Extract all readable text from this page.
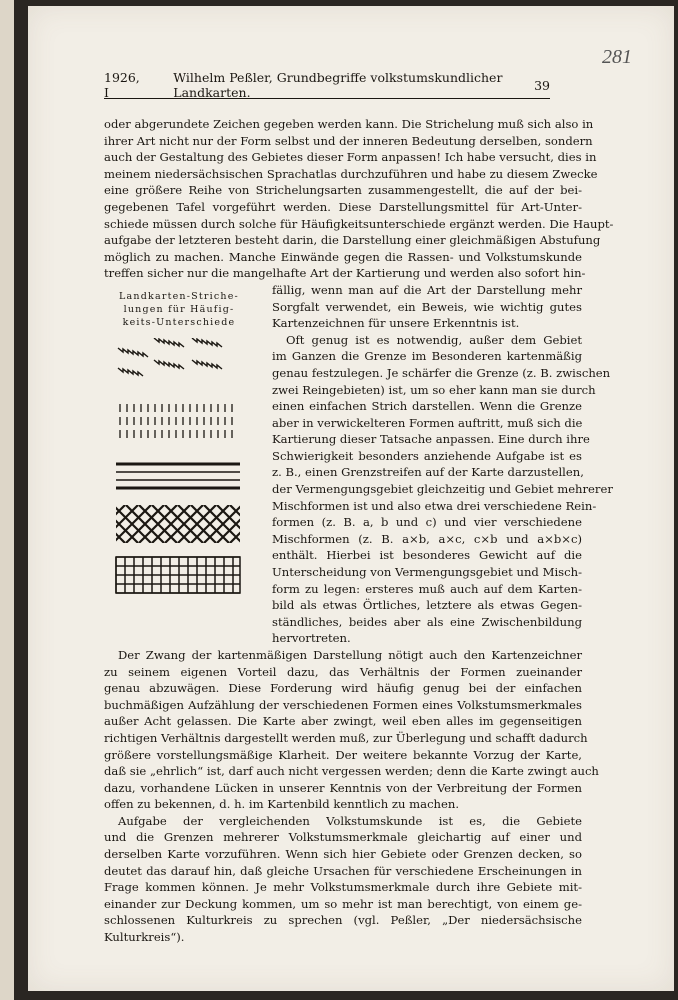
281
1926, I
Wilhelm Peßler, Grundbegriffe volkstumskundlicher Landkarten.	39
oder abgerundete Zeichen gegeben werden kann. Die Strichelung muß sich also in
ihrer Art nicht nur der Form selbst und der inneren Bedeutung derselben, sondern
auch der Gestaltung des Gebietes dieser Form anpassen! Ich habe versucht, dies in
meinem niedersächsischen Sprachatlas durchzuführen und habe zu diesem Zwecke
eine größere Reihe von Strichelungsarten zusammengestellt, die auf der bei-
gegebenen Tafel vorgeführt werden. Diese Darstellungsmittel für Art-Unter-
schiede müssen durch solche für Häufigkeitsunterschiede ergänzt werden. Die Haupt-
aufgabe der letzteren besteht darin, die Darstellung einer gleichmäßigen Abstufung
möglich zu machen. Manche Einwände gegen die Rassen- und Volkstumskunde
treffen sicher nur die mangelhafte Art der Kartierung und werden also sofort hin-
Landkarten-Striche-
lungen für Häufig-
keits-Unterschiede
fällig, wenn man auf die Art der Darstellung mehr
Sorgfalt verwendet, ein Beweis, wie wichtig gutes
Kartenzeichnen für unsere Erkenntnis ist.
Oft genug ist es notwendig, außer dem Gebiet
im Ganzen die Grenze im Besonderen kartenmäßig
genau festzulegen. Je schärfer die Grenze (z. B. zwischen
zwei Reingebieten) ist, um so eher kann man sie durch
einen einfachen Strich darstellen. Wenn die Grenze
aber in verwickelteren Formen auftritt, muß sich die
Kartierung dieser Tatsache anpassen. Eine durch ihre
Schwierigkeit besonders anziehende Aufgabe ist es
z. B., einen Grenzstreifen auf der Karte darzustellen,
der Vermengungsgebiet gleichzeitig und Gebiet mehrerer
Mischformen ist und also etwa drei verschiedene Rein-
formen (z. B. a, b und c) und vier verschiedene
Mischformen (z. B. a×b, a×c, c×b und a×b×c)
enthält. Hierbei ist besonderes Gewicht auf die
Unterscheidung von Vermengungsgebiet und Misch-
form zu legen: ersteres muß auch auf dem Karten-
bild als etwas Örtliches, letztere als etwas Gegen-
ständliches, beides aber als eine Zwischenbildung
hervortreten.
Der Zwang der kartenmäßigen Darstellung nötigt auch den Kartenzeichner
zu seinem eigenen Vorteil dazu, das Verhältnis der Formen zueinander
genau abzuwägen. Diese Forderung wird häufig genug bei der einfachen
buchmäßigen Aufzählung der verschiedenen Formen eines Volkstumsmerkmales
außer Acht gelassen. Die Karte aber zwingt, weil eben alles im gegenseitigen
richtigen Verhältnis dargestellt werden muß, zur Überlegung und schafft dadurch
größere vorstellungsmäßige Klarheit. Der weitere bekannte Vorzug der Karte,
daß sie „ehrlich“ ist, darf auch nicht vergessen werden; denn die Karte zwingt auch
dazu, vorhandene Lücken in unserer Kenntnis von der Verbreitung der Formen
offen zu bekennen, d. h. im Kartenbild kenntlich zu machen.
Aufgabe der vergleichenden Volkstumskunde ist es, die Gebiete
und die Grenzen mehrerer Volkstumsmerkmale gleichartig auf einer und
derselben Karte vorzuführen. Wenn sich hier Gebiete oder Grenzen decken, so
deutet das darauf hin, daß gleiche Ursachen für verschiedene Erscheinungen in
Frage kommen können. Je mehr Volkstumsmerkmale durch ihre Gebiete mit-
einander zur Deckung kommen, um so mehr ist man berechtigt, von einem ge-
schlossenen Kulturkreis zu sprechen (vgl. Peßler, „Der niedersächsische
Kulturkreis“).
